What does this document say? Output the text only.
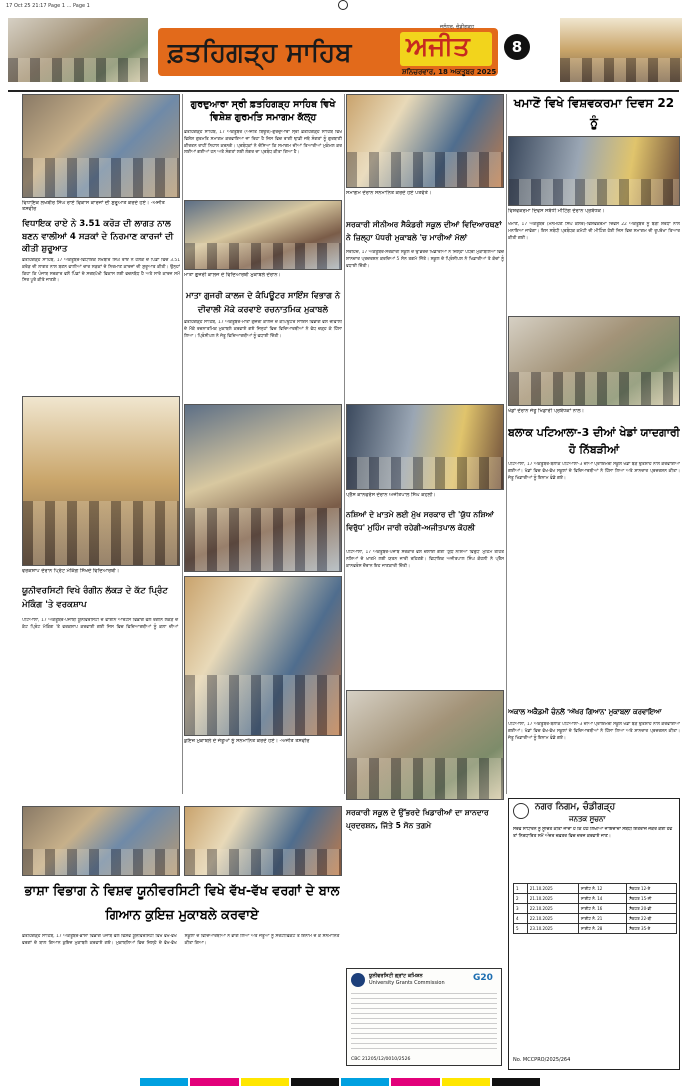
17 Oct 25 21:17 Page 1 ... Page 1
ਫ਼ਤਹਿਗੜ੍ਹ ਸਾਹਿਬ ਅਜੀਤ
ਜਲੰਧਰ, ਚੰਡੀਗੜ੍ਹ
ਸ਼ਨਿਚਰਵਾਰ, 18 ਅਕਤੂਬਰ 2025
8
ਵਿਧਾਇਕ ਲਖਬੀਰ ਸਿੰਘ ਰਾਏ ਵਿਕਾਸ ਕਾਰਜਾਂ ਦੀ ਸ਼ੁਰੂਆਤ ਕਰਦੇ ਹੋਏ। -ਅਜੀਤ ਤਸਵੀਰ
ਗੁਰਦੁਆਰਾ ਸ੍ਰੀ ਫ਼ਤਹਿਗੜ੍ਹ ਸਾਹਿਬ ਵਿਖੇ ਵਿਸ਼ੇਸ਼ ਗੁਰਮਤਿ ਸਮਾਗਮ ਕੱਲ੍ਹ
ਫ਼ਤਹਿਗੜ੍ਹ ਸਾਹਿਬ, 17 ਅਕਤੂਬਰ (ਅਜੀਤ ਬਿਊਰੋ)-ਗੁਰਦੁਆਰਾ ਸ੍ਰੀ ਫ਼ਤਹਿਗੜ੍ਹ ਸਾਹਿਬ ਵਿਖੇ ਵਿਸ਼ੇਸ਼ ਗੁਰਮਤਿ ਸਮਾਗਮ ਕਰਵਾਇਆ ਜਾ ਰਿਹਾ ਹੈ ਜਿਸ ਵਿਚ ਰਾਗੀ ਢਾਡੀ ਜਥੇ ਸੰਗਤਾਂ ਨੂੰ ਗੁਰਬਾਣੀ ਕੀਰਤਨ ਰਾਹੀਂ ਨਿਹਾਲ ਕਰਨਗੇ। ਪ੍ਰਬੰਧਕਾਂ ਨੇ ਦੱਸਿਆ ਕਿ ਸਮਾਗਮ ਦੀਆਂ ਤਿਆਰੀਆਂ ਮੁਕੰਮਲ ਕਰ ਲਈਆਂ ਗਈਆਂ ਹਨ ਅਤੇ ਸੰਗਤਾਂ ਲਈ ਲੰਗਰ ਦਾ ਪ੍ਰਬੰਧ ਕੀਤਾ ਗਿਆ ਹੈ।
ਮਾਤਾ ਗੁਜਰੀ ਕਾਲਜ ਦੇ ਵਿਦਿਆਰਥੀ ਮੁਕਾਬਲੇ ਦੌਰਾਨ।
ਸਮਾਗਮ ਦੌਰਾਨ ਸਨਮਾਨਿਤ ਕਰਦੇ ਹੋਏ ਪਤਵੰਤੇ।
ਖਮਾਣੋਂ ਵਿਖੇ ਵਿਸ਼ਵਕਰਮਾ ਦਿਵਸ 22 ਨੂੰ
ਵਿਸ਼ਵਕਰਮਾ ਦਿਵਸ ਸਬੰਧੀ ਮੀਟਿੰਗ ਦੌਰਾਨ ਪ੍ਰਬੰਧਕ।
ਖਮਾਣੋਂ, 17 ਅਕਤੂਬਰ (ਮਨਮੋਹਣ ਸਿੰਘ ਕਲੇਰ)-ਵਿਸ਼ਵਕਰਮਾ ਦਿਵਸ 22 ਅਕਤੂਬਰ ਨੂੰ ਬੜੀ ਸ਼ਰਧਾ ਨਾਲ ਮਨਾਇਆ ਜਾਵੇਗਾ। ਇਸ ਸਬੰਧੀ ਪ੍ਰਬੰਧਕ ਕਮੇਟੀ ਦੀ ਮੀਟਿੰਗ ਹੋਈ ਜਿਸ ਵਿਚ ਸਮਾਗਮ ਦੀ ਰੂਪਰੇਖਾ ਤਿਆਰ ਕੀਤੀ ਗਈ।
ਵਿਧਾਇਕ ਰਾਏ ਨੇ 3.51 ਕਰੋੜ ਦੀ ਲਾਗਤ ਨਾਲ ਬਣਨ ਵਾਲੀਆਂ 4 ਸੜਕਾਂ ਦੇ ਨਿਰਮਾਣ ਕਾਰਜਾਂ ਦੀ ਕੀਤੀ ਸ਼ੁਰੂਆਤ
ਫ਼ਤਹਿਗੜ੍ਹ ਸਾਹਿਬ, 17 ਅਕਤੂਬਰ-ਵਿਧਾਇਕ ਲਖਬੀਰ ਸਿੰਘ ਰਾਏ ਨੇ ਹਲਕੇ ਦੇ ਪਿੰਡਾਂ ਵਿਚ 3.51 ਕਰੋੜ ਦੀ ਲਾਗਤ ਨਾਲ ਬਣਨ ਵਾਲੀਆਂ ਚਾਰ ਸੜਕਾਂ ਦੇ ਨਿਰਮਾਣ ਕਾਰਜਾਂ ਦੀ ਸ਼ੁਰੂਆਤ ਕੀਤੀ। ਉਨ੍ਹਾਂ ਕਿਹਾ ਕਿ ਪੰਜਾਬ ਸਰਕਾਰ ਵਲੋਂ ਪਿੰਡਾਂ ਦੇ ਸਰਬਪੱਖੀ ਵਿਕਾਸ ਲਈ ਵਚਨਬੱਧ ਹੈ ਅਤੇ ਸਾਰੇ ਕਾਰਜ ਸਮੇਂ ਸਿਰ ਪੂਰੇ ਕੀਤੇ ਜਾਣਗੇ।
ਮਾਤਾ ਗੁਜਰੀ ਕਾਲਜ ਦੇ ਕੰਪਿਊਟਰ ਸਾਇੰਸ ਵਿਭਾਗ ਨੇ ਦੀਵਾਲੀ ਮੌਕੇ ਕਰਵਾਏ ਰਚਨਾਤਮਿਕ ਮੁਕਾਬਲੇ
ਫ਼ਤਹਿਗੜ੍ਹ ਸਾਹਿਬ, 17 ਅਕਤੂਬਰ-ਮਾਤਾ ਗੁਜਰੀ ਕਾਲਜ ਦੇ ਕੰਪਿਊਟਰ ਸਾਇੰਸ ਵਿਭਾਗ ਵਲੋਂ ਦੀਵਾਲੀ ਦੇ ਮੌਕੇ ਰਚਨਾਤਮਿਕ ਮੁਕਾਬਲੇ ਕਰਵਾਏ ਗਏ ਜਿਨ੍ਹਾਂ ਵਿਚ ਵਿਦਿਆਰਥੀਆਂ ਨੇ ਵੱਧ ਚੜ੍ਹ ਕੇ ਹਿੱਸਾ ਲਿਆ। ਪ੍ਰਿੰਸੀਪਲ ਨੇ ਜੇਤੂ ਵਿਦਿਆਰਥੀਆਂ ਨੂੰ ਵਧਾਈ ਦਿੱਤੀ।
ਸਰਕਾਰੀ ਸੀਨੀਅਰ ਸੈਕੰਡਰੀ ਸਕੂਲ ਦੀਆਂ ਵਿਦਿਆਰਥਣਾਂ ਨੇ ਜ਼ਿਲ੍ਹਾ ਪੱਧਰੀ ਮੁਕਾਬਲੇ 'ਚ ਮਾਰੀਆਂ ਮੱਲਾਂ
ਸਰਹਿੰਦ, 17 ਅਕਤੂਬਰ-ਸਰਕਾਰੀ ਸਕੂਲ ਦੇ ਉੱਭਰਦੇ ਖਿਡਾਰੀਆਂ ਨੇ ਜ਼ਿਲ੍ਹਾ ਪੱਧਰੀ ਮੁਕਾਬਲਿਆਂ ਵਿਚ ਸ਼ਾਨਦਾਰ ਪ੍ਰਦਰਸ਼ਨ ਕਰਦਿਆਂ 5 ਸੋਨ ਤਗਮੇ ਜਿੱਤੇ। ਸਕੂਲ ਦੇ ਪ੍ਰਿੰਸੀਪਲ ਨੇ ਖਿਡਾਰੀਆਂ ਤੇ ਕੋਚਾਂ ਨੂੰ ਵਧਾਈ ਦਿੱਤੀ।
ਖੇਡਾਂ ਦੌਰਾਨ ਜੇਤੂ ਖਿਡਾਰੀ ਪ੍ਰਬੰਧਕਾਂ ਨਾਲ।
ਬਲਾਕ ਪਟਿਆਲਾ-3 ਦੀਆਂ ਖੇਡਾਂ ਯਾਦਗਾਰੀ ਹੋ ਨਿੱਬੜੀਆਂ
ਪਟਿਆਲਾ, 17 ਅਕਤੂਬਰ-ਬਲਾਕ ਪਟਿਆਲਾ-3 ਦੀਆਂ ਪ੍ਰਾਇਮਰੀ ਸਕੂਲ ਖੇਡਾਂ ਬੜੇ ਉਤਸ਼ਾਹ ਨਾਲ ਕਰਵਾਈਆਂ ਗਈਆਂ। ਖੇਡਾਂ ਵਿਚ ਵੱਖ-ਵੱਖ ਸਕੂਲਾਂ ਦੇ ਵਿਦਿਆਰਥੀਆਂ ਨੇ ਹਿੱਸਾ ਲਿਆ ਅਤੇ ਸ਼ਾਨਦਾਰ ਪ੍ਰਦਰਸ਼ਨ ਕੀਤਾ। ਜੇਤੂ ਖਿਡਾਰੀਆਂ ਨੂੰ ਇਨਾਮ ਵੰਡੇ ਗਏ।
ਵਰਕਸ਼ਾਪ ਦੌਰਾਨ ਪ੍ਰਿੰਟ ਮੇਕਿੰਗ ਸਿੱਖਦੇ ਵਿਦਿਆਰਥੀ।
ਯੂਨੀਵਰਸਿਟੀ ਵਿਖੇ ਰੰਗੀਨ ਲੱਕੜ ਦੇ ਕੱਟ ਪ੍ਰਿੰਟ ਮੇਕਿੰਗ 'ਤੇ ਵਰਕਸ਼ਾਪ
ਪਟਿਆਲਾ, 17 ਅਕਤੂਬਰ-ਪੰਜਾਬੀ ਯੂਨੀਵਰਸਿਟੀ ਦੇ ਫਾਈਨ ਆਰਟਸ ਵਿਭਾਗ ਵਲੋਂ ਰੰਗੀਨ ਲੱਕੜ ਦੇ ਕੱਟ ਪ੍ਰਿੰਟ ਮੇਕਿੰਗ 'ਤੇ ਵਰਕਸ਼ਾਪ ਕਰਵਾਈ ਗਈ ਜਿਸ ਵਿਚ ਵਿਦਿਆਰਥੀਆਂ ਨੂੰ ਕਲਾ ਦੀਆਂ
ਕੁਇਜ਼ ਮੁਕਾਬਲੇ ਦੇ ਜੇਤੂਆਂ ਨੂੰ ਸਨਮਾਨਿਤ ਕਰਦੇ ਹੋਏ। -ਅਜੀਤ ਤਸਵੀਰ
ਪ੍ਰੈੱਸ ਕਾਨਫਰੰਸ ਦੌਰਾਨ ਅਜੀਤਪਾਲ ਸਿੰਘ ਕੋਹਲੀ।
ਨਸ਼ਿਆਂ ਦੇ ਖ਼ਾਤਮੇ ਲਈ ਮੁੱਖ ਸਰਕਾਰ ਦੀ 'ਯੁੱਧ ਨਸ਼ਿਆਂ ਵਿਰੁੱਧ' ਮੁਹਿੰਮ ਜਾਰੀ ਰਹੇਗੀ-ਅਜੀਤਪਾਲ ਕੋਹਲੀ
ਪਟਿਆਲਾ, 17 ਅਕਤੂਬਰ-ਪੰਜਾਬ ਸਰਕਾਰ ਵਲੋਂ ਚਲਾਈ ਗਈ 'ਯੁੱਧ ਨਸ਼ਿਆਂ ਵਿਰੁੱਧ' ਮੁਹਿੰਮ ਤਹਿਤ ਨਸ਼ਿਆਂ ਦੇ ਖ਼ਾਤਮੇ ਲਈ ਯਤਨ ਜਾਰੀ ਰਹਿਣਗੇ। ਵਿਧਾਇਕ ਅਜੀਤਪਾਲ ਸਿੰਘ ਕੋਹਲੀ ਨੇ ਪ੍ਰੈੱਸ ਕਾਨਫਰੰਸ ਦੌਰਾਨ ਇਹ ਜਾਣਕਾਰੀ ਦਿੱਤੀ।
ਸਰਕਾਰੀ ਸਕੂਲ ਦੇ ਉੱਭਰਦੇ ਖਿਡਾਰੀਆਂ ਦਾ ਸ਼ਾਨਦਾਰ ਪ੍ਰਦਰਸ਼ਨ, ਜਿੱਤੇ 5 ਸੋਨ ਤਗਮੇ
ਅਕਾਲ ਅਕੈਡਮੀ ਚੰਨਲੋਂ 'ਅੱਖਰ ਗਿਆਨ' ਮੁਕਾਬਲਾ ਕਰਵਾਇਆ
ਪਟਿਆਲਾ, 17 ਅਕਤੂਬਰ-ਬਲਾਕ ਪਟਿਆਲਾ-3 ਦੀਆਂ ਪ੍ਰਾਇਮਰੀ ਸਕੂਲ ਖੇਡਾਂ ਬੜੇ ਉਤਸ਼ਾਹ ਨਾਲ ਕਰਵਾਈਆਂ ਗਈਆਂ। ਖੇਡਾਂ ਵਿਚ ਵੱਖ-ਵੱਖ ਸਕੂਲਾਂ ਦੇ ਵਿਦਿਆਰਥੀਆਂ ਨੇ ਹਿੱਸਾ ਲਿਆ ਅਤੇ ਸ਼ਾਨਦਾਰ ਪ੍ਰਦਰਸ਼ਨ ਕੀਤਾ। ਜੇਤੂ ਖਿਡਾਰੀਆਂ ਨੂੰ ਇਨਾਮ ਵੰਡੇ ਗਏ।
ਭਾਸ਼ਾ ਵਿਭਾਗ ਨੇ ਵਿਸ਼ਵ ਯੂਨੀਵਰਸਿਟੀ ਵਿਖੇ ਵੱਖ-ਵੱਖ ਵਰਗਾਂ ਦੇ ਬਾਲ ਗਿਆਨ ਕੁਇਜ਼ ਮੁਕਾਬਲੇ ਕਰਵਾਏ
ਫ਼ਤਹਿਗੜ੍ਹ ਸਾਹਿਬ, 17 ਅਕਤੂਬਰ-ਭਾਸ਼ਾ ਵਿਭਾਗ ਪੰਜਾਬ ਵਲੋਂ ਵਿਸ਼ਵ ਯੂਨੀਵਰਸਿਟੀ ਵਿਖੇ ਵੱਖ-ਵੱਖ ਵਰਗਾਂ ਦੇ ਬਾਲ ਗਿਆਨ ਕੁਇਜ਼ ਮੁਕਾਬਲੇ ਕਰਵਾਏ ਗਏ। ਮੁਕਾਬਲਿਆਂ ਵਿਚ ਜ਼ਿਲ੍ਹੇ ਦੇ ਵੱਖ-ਵੱਖ ਸਕੂਲਾਂ ਦੇ ਵਿਦਿਆਰਥੀਆਂ ਨੇ ਭਾਗ ਲਿਆ ਅਤੇ ਜੇਤੂਆਂ ਨੂੰ ਸਰਟੀਫਿਕੇਟ ਤੇ ਇਨਾਮ ਦੇ ਕੇ ਸਨਮਾਨਿਤ ਕੀਤਾ ਗਿਆ।
ਯੂਨੀਵਰਸਿਟੀ ਗ੍ਰਾਂਟ ਕਮਿਸ਼ਨ
University Grants Commission	G20
CBC 21205/12/0010/2526
ਨਗਰ ਨਿਗਮ, ਚੰਡੀਗੜ੍ਹ
ਜਨਤਕ ਸੂਚਨਾ
ਸਰਵ ਸਾਧਾਰਨ ਨੂੰ ਸੂਚਿਤ ਕੀਤਾ ਜਾਂਦਾ ਹੈ ਕਿ ਹੇਠ ਲਿਖੀਆਂ ਜਾਇਦਾਦਾਂ ਸਬੰਧੀ ਇਤਰਾਜ਼ ਜੇਕਰ ਕੋਈ ਹੋਵੇ ਤਾਂ ਨਿਰਧਾਰਿਤ ਸਮੇਂ ਅੰਦਰ ਦਫ਼ਤਰ ਵਿਚ ਦਰਜ ਕਰਵਾਏ ਜਾਣ।
1	21.10.2025	ਸਾਈਟ ਨੰ. 12	ਸੈਕਟਰ 12-ਏ
2	21.10.2025	ਸਾਈਟ ਨੰ. 14	ਸੈਕਟਰ 15-ਸੀ
3	22.10.2025	ਸਾਈਟ ਨੰ. 16	ਸੈਕਟਰ 20-ਡੀ
4	22.10.2025	ਸਾਈਟ ਨੰ. 21	ਸੈਕਟਰ 22-ਬੀ
5	23.10.2025	ਸਾਈਟ ਨੰ. 28	ਸੈਕਟਰ 35-ਏ
No. MCCPRO/2025/264
